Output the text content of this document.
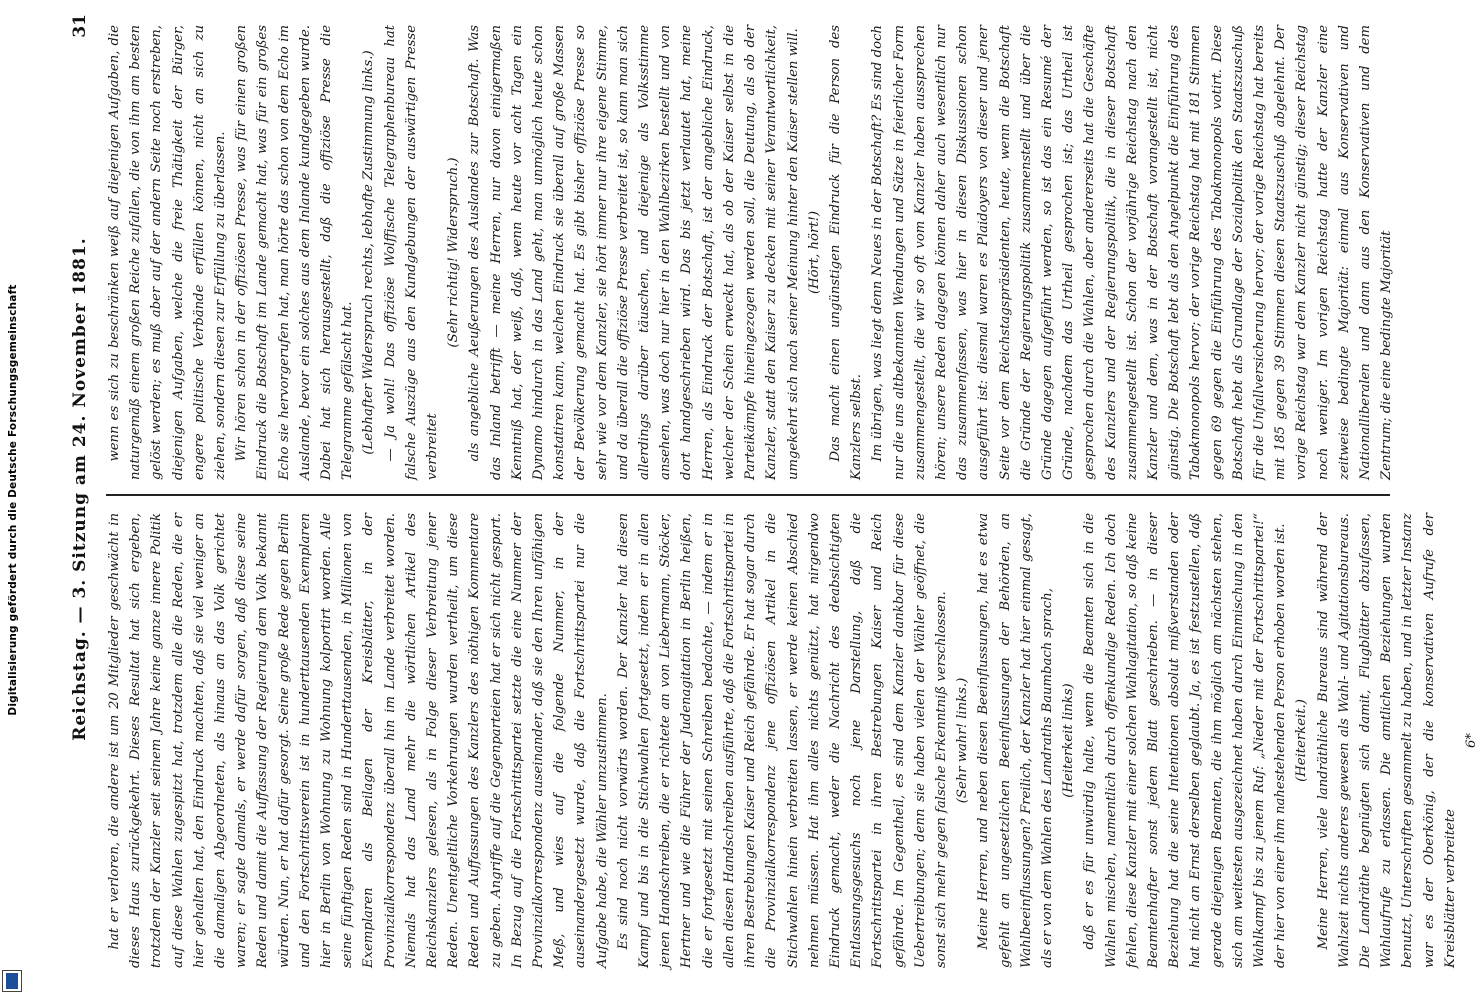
Digitalisierung gefördert durch die Deutsche Forschungsgemeinschaft	Reichstag. — 3. Sitzung am 24. November 1881.
31

hat er verloren, die andere ist um 20 Mitglieder geschwächt in dieses Haus zurückgekehrt. Dieses Resultat hat sich ergeben, trotzdem der Kanzler seit seinem Jahre keine ganze innere Politik auf diese Wahlen zugespitzt hat, trotzdem alle die Reden, die er hier gehalten hat, den Eindruck machten, daß sie viel weniger an die damaligen Abgeordneten, als hinaus an das Volk gerichtet waren; er sagte damals, er werde dafür sorgen, daß diese seine Reden und damit die Auffassung der Regierung dem Volk bekannt würden. Nun, er hat dafür gesorgt. Seine große Rede gegen Berlin und den Fortschrittsverein ist in hunderttausenden Exemplaren hier in Berlin von Wohnung zu Wohnung kolportirt worden. Alle seine fünftigen Reden sind in Hunderttausenden, in Millionen von Exemplaren als Beilagen der Kreisblätter, in der Provinzialkorrespondenz überall hin im Lande verbreitet worden. Niemals hat das Land mehr die wörtlichen Artikel des Reichskanzlers gelesen, als in Folge dieser Verbreitung jener Reden. Unentgeltliche Vorkehrungen wurden vertheilt, um diese Reden und Auffassungen des Kanzlers des nöthigen Kommentare zu geben. Angriffe auf die Gegenparteien hat er sich nicht gespart. In Bezug auf die Fortschrittspartei setzte die eine Nummer der Provinzialkorrespondenz auseinander, daß sie den Ihren unfähigen Meß, und wies auf die folgende Nummer, in der auseinandergesetzt wurde, daß die Fortschrittspartei nur die Aufgabe habe, die Wähler umzustimmen. Es sind noch nicht vorwärts worden. Der Kanzler hat diesen Kampf und bis in die Stichwahlen fortgesetzt, indem er in allen jenen Handschreiben, die er richtete an von Liebermann, Stöcker, Hertner und wie die Führer der Judenagitation in Berlin heißen, die er fortgesetzt mit seinen Schreiben bedachte, — indem er in allen diesen Handschreiben ausführte, daß die Fortschrittspartei in ihren Bestrebungen Kaiser und Reich gefährde. Er hat sogar durch die Provinzialkorrespondenz jene offiziösen Artikel in die Stichwahlen hinein verbreiten lassen, er werde keinen Abschied nehmen müssen. Hat ihm alles nichts genützt, hat nirgendwo Eindruck gemacht, weder die Nachricht des deabsichtigten Entlassungsgesuchs noch jene Darstellung, daß die Fortschrittspartei in ihren Bestrebungen Kaiser und Reich gefährde. Im Gegentheil, es sind dem Kanzler dankbar für diese Uebertreibungen; denn sie haben vielen der Wähler geöffnet, die sonst sich mehr gegen falsche Erkenntniß verschlossen. (Sehr wahr! links.) Meine Herren, und neben diesen Beeinflussungen, hat es etwa gefehlt an ungesetzlichen Beeinflussungen der Behörden, an Wahlbeeinflussungen? Freilich, der Kanzler hat hier einmal gesagt, als er von dem Wahlen des Landraths Baumbach sprach, (Heiterkeit links) daß er es für unwürdig halte, wenn die Beamten sich in die Wahlen mischen, namentlich durch offenkundige Reden. Ich doch fehlen, diese Kanzler mit einer solchen Wahlagitation, so daß keine Beamtenhafter sonst jedem Blatt geschrieben. — in dieser Beziehung hat die seine Intentionen absolut mißverstanden oder hat nicht an Ernst derselben geglaubt. Ja, es ist festzustellen, daß gerade diejenigen Beamten, die ihm möglich am nächsten stehen, sich am weitesten ausgezeichnet haben durch Einmischung in den Wahlkampf bis zu jenem Ruf: „Nieder mit der Fortschrittspartei!“ der hier von einer ihm nahestehenden Person erhoben worden ist. (Heiterkeit.) Meine Herren, viele landräthliche Bureaus sind während der Wahlzeit nichts anderes gewesen als Wahl- und Agitationsbureaus. Die Landräthe begnügten sich damit, Flugblätter abzufassen, Wahlaufrufe zu erlassen. Die amtlichen Beziehungen wurden benutzt, Unterschriften gesammelt zu haben, und in letzter Instanz war es der Oberkönig, der die konservativen Aufrufe der Kreisblätter verbreitete

6*

wenn es sich zu beschränken weiß auf diejenigen Aufgaben, die naturgemäß einem großen Reiche zufallen, die von ihm am besten gelöst werden; es muß aber auf der andern Seite noch erstreben, diejenigen Aufgaben, welche die freie Thätigkeit der Bürger, engere politische Verbände erfüllen können, nicht an sich zu ziehen, sondern diesen zur Erfüllung zu überlassen. Wir hören schon in der offiziösen Presse, was für einen großen Eindruck die Botschaft im Lande gemacht hat, was für ein großes Echo sie hervorgerufen hat, man hörte das schon von dem Echo im Auslande, bevor ein solches aus dem Inlande kundgegeben wurde. Dabei hat sich herausgestellt, daß die offiziöse Presse die Telegramme gefälscht hat. (Lebhafter Widerspruch rechts, lebhafte Zustimmung links.) — Ja wohl! Das offiziöse Wolffische Telegraphenbureau hat falsche Auszüge aus den Kundgebungen der auswärtigen Presse verbreitet

(Sehr richtig! Widerspruch.) als angebliche Aeußerungen des Auslandes zur Botschaft. Was das Inland betrifft — meine Herren, nur davon einigermaßen Kenntniß hat, der weiß, daß, wenn heute vor acht Tagen ein Dynamo hindurch in das Land geht, man unmöglich heute schon konstatiren kann, welchen Eindruck sie überall auf große Massen der Bevölkerung gemacht hat. Es gibt bisher offiziöse Presse so sehr wie vor dem Kanzler, sie hört immer nur ihre eigene Stimme, und da überall die offiziöse Presse verbreitet ist, so kann man sich allerdings darüber täuschen, und diejenige als Volksstimme ansehen, was doch nur hier in den Wahlbezirken bestellt und von dort handgeschrieben wird. Das bis jetzt verlautet hat, meine Herren, als Eindruck der Botschaft, ist der angebliche Eindruck, welcher der Schein erweckt hat, als ob der Kaiser selbst in die Parteikämpfe hineingezogen werden soll, die Deutung, als ob der Kanzler, statt den Kaiser zu decken mit seiner Verantwortlichkeit, umgekehrt sich nach seiner Meinung hinter den Kaiser stellen will. (Hört, hört!) Das macht einen ungünstigen Eindruck für die Person des Kanzlers selbst. Im übrigen, was liegt denn Neues in der Botschaft? Es sind doch nur die uns altbekannten Wendungen und Sätze in feierlicher Form zusammengestellt, die wir so oft vom Kanzler haben aussprechen hören; unsere Reden dagegen können daher auch wesentlich nur das zusammenfassen, was hier in diesen Diskussionen schon ausgeführt ist: diesmal waren es Plaidoyers von dieser und jener Seite vor dem Reichstagspräsidenten, heute, wenn die Botschaft die Gründe der Regierungspolitik zusammenstellt und über die Gründe dagegen aufgeführt werden, so ist das ein Resumé der Gründe, nachdem das Urtheil gesprochen ist; das Urtheil ist gesprochen durch die Wahlen, aber andererseits hat die Geschäfte des Kanzlers und der Regierungspolitik, die in dieser Botschaft zusammengestellt ist. Schon der vorjährige Reichstag nach den Kanzler und dem, was in der Botschaft vorangestellt ist, nicht günstig. Die Botschaft lebt als den Angelpunkt die Einführung des Tabakmonopols hervor; der vorige Reichstag hat mit 181 Stimmen gegen 69 gegen die Einführung des Tabakmonopols votirt. Diese Botschaft hebt als Grundlage der Sozialpolitik den Staatszuschuß für die Unfallversicherung hervor; der vorige Reichstag hat bereits mit 185 gegen 39 Stimmen diesen Staatszuschuß abgelehnt. Der vorige Reichstag war dem Kanzler nicht günstig; dieser Reichstag noch weniger. Im vorigen Reichstag hatte der Kanzler eine zeitweise bedingte Majorität: einmal aus Konservativen und Nationalliberalen und dann aus den Konservativen und dem Zentrum; die eine bedingte Majorität
